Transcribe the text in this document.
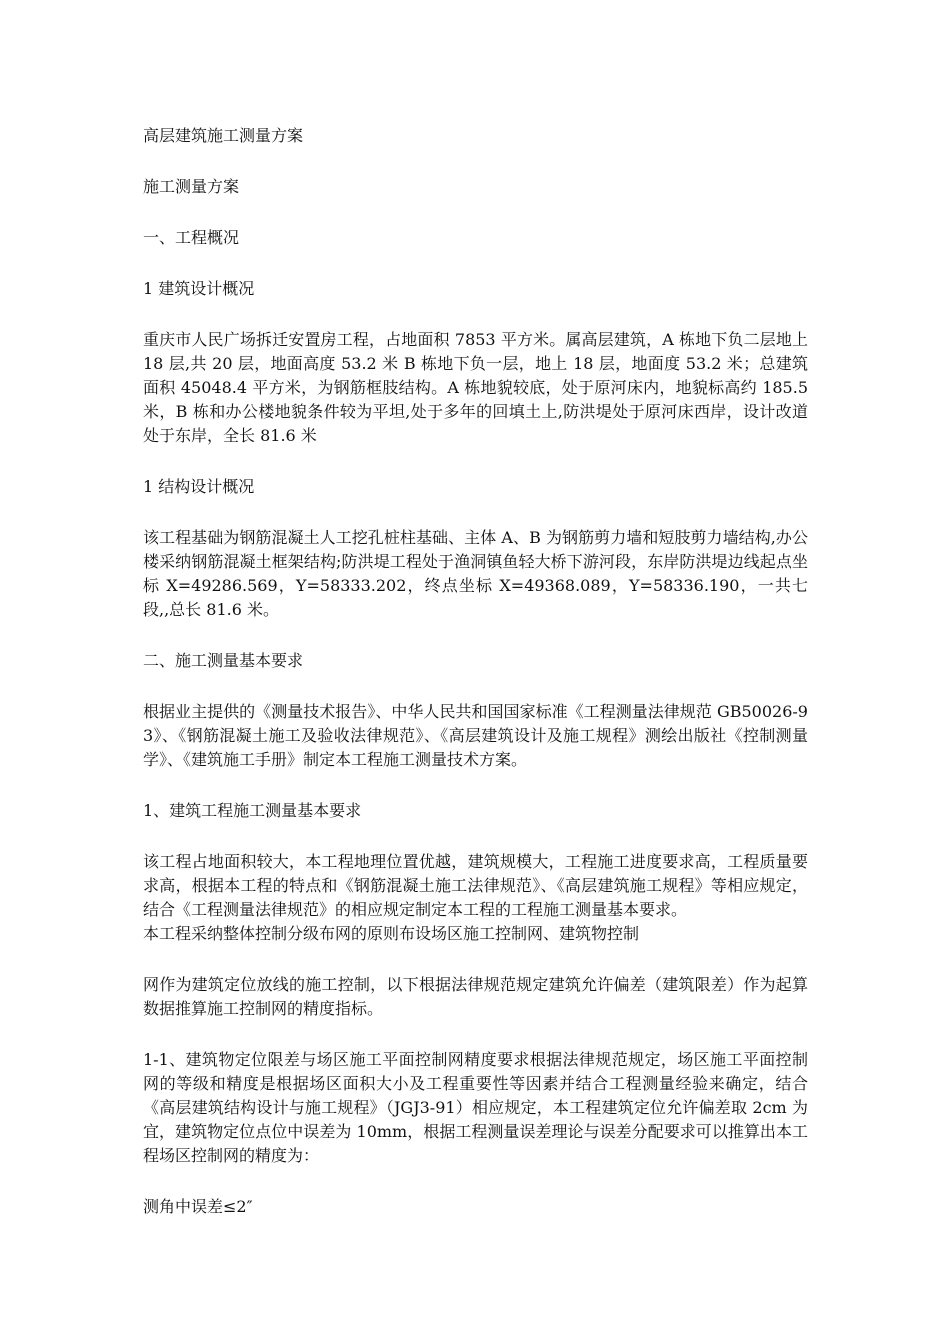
高层建筑施工测量方案

施工测量方案

一、工程概况

1 建筑设计概况

重庆市人民广场拆迁安置房工程，占地面积 7853 平方米。属高层建筑，A 栋地下负二层地上 18 层,共 20 层，地面高度 53.2 米 B 栋地下负一层，地上 18 层，地面度 53.2 米；总建筑面积 45048.4 平方米，为钢筋框肢结构。A 栋地貌较底，处于原河床内，地貌标高约 185.5 米，B 栋和办公楼地貌条件较为平坦,处于多年的回填土上,防洪堤处于原河床西岸，设计改道处于东岸，全长 81.6 米

1 结构设计概况

该工程基础为钢筋混凝土人工挖孔桩柱基础、主体 A、B 为钢筋剪力墙和短肢剪力墙结构,办公楼采纳钢筋混凝土框架结构;防洪堤工程处于渔洞镇鱼轻大桥下游河段，东岸防洪堤边线起点坐标 X=49286.569，Y=58333.202，终点坐标 X=49368.089，Y=58336.190，一共七段,,总长 81.6 米。

二、施工测量基本要求

根据业主提供的《测量技术报告》、中华人民共和国国家标准《工程测量法律规范 GB50026-93》、《钢筋混凝土施工及验收法律规范》、《高层建筑设计及施工规程》测绘出版社《控制测量学》、《建筑施工手册》制定本工程施工测量技术方案。

1、建筑工程施工测量基本要求

该工程占地面积较大，本工程地理位置优越，建筑规模大，工程施工进度要求高，工程质量要求高，根据本工程的特点和《钢筋混凝土施工法律规范》、《高层建筑施工规程》等相应规定，结合《工程测量法律规范》的相应规定制定本工程的工程施工测量基本要求。

本工程采纳整体控制分级布网的原则布设场区施工控制网、建筑物控制

网作为建筑定位放线的施工控制，以下根据法律规范规定建筑允许偏差（建筑限差）作为起算数据推算施工控制网的精度指标。

1-1、建筑物定位限差与场区施工平面控制网精度要求根据法律规范规定，场区施工平面控制网的等级和精度是根据场区面积大小及工程重要性等因素并结合工程测量经验来确定，结合《高层建筑结构设计与施工规程》（JGJ3-91）相应规定，本工程建筑定位允许偏差取 2cm 为宜，建筑物定位点位中误差为 10mm，根据工程测量误差理论与误差分配要求可以推算出本工程场区控制网的精度为：

测角中误差≤2″
